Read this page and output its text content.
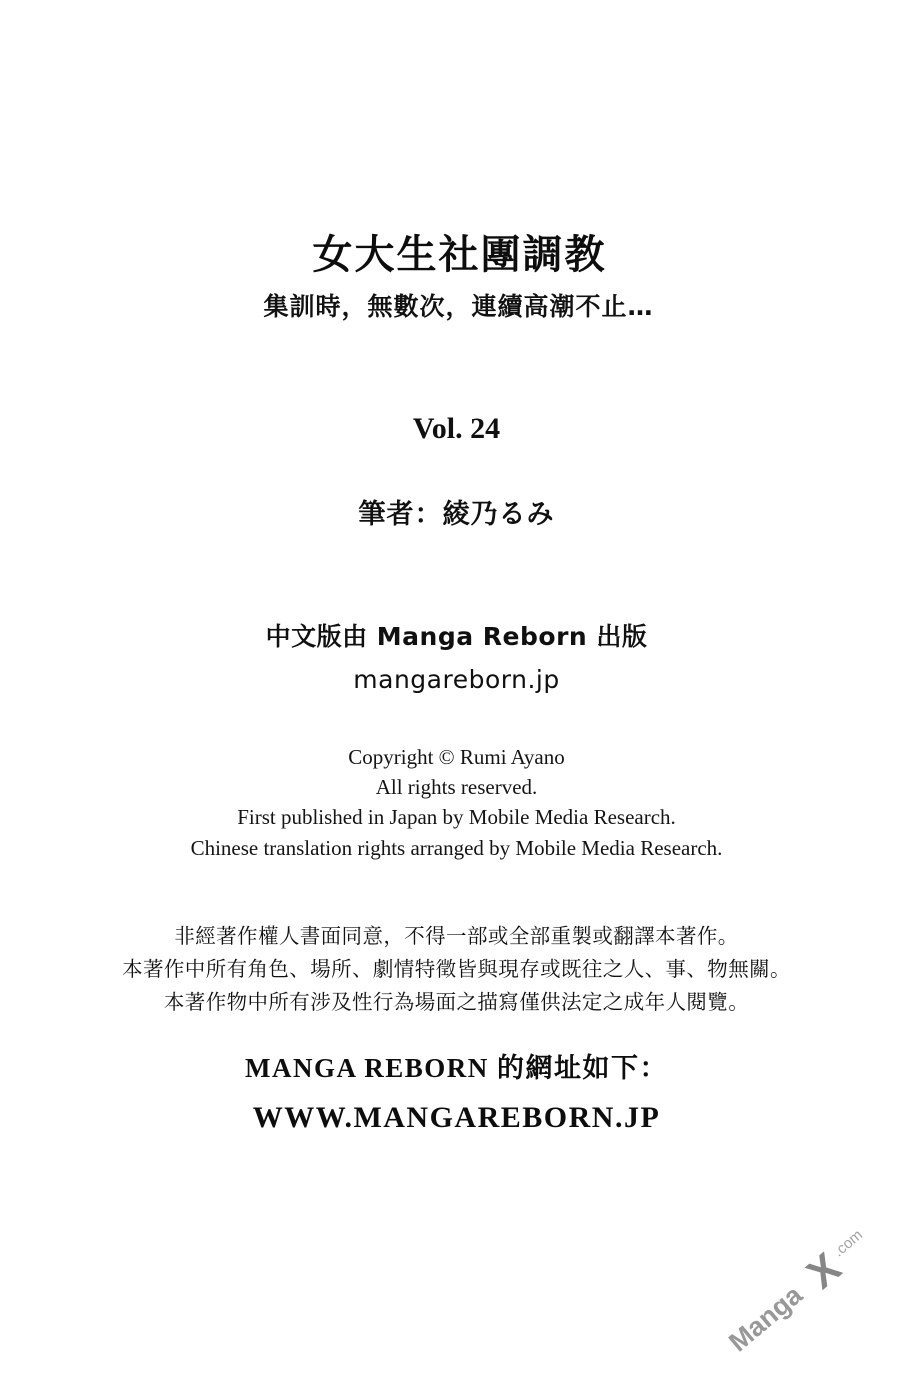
女大生社團調教
集訓時，無數次，連續高潮不止…
Vol. 24
筆者：綾乃るみ
中文版由 Manga Reborn 出版
mangareborn.jp
Copyright © Rumi Ayano
All rights reserved.
First published in Japan by Mobile Media Research.
Chinese translation rights arranged by Mobile Media Research.
非經著作權人書面同意，不得一部或全部重製或翻譯本著作。
本著作中所有角色、場所、劇情特徵皆與現存或既往之人、事、物無關。
本著作物中所有涉及性行為場面之描寫僅供法定之成年人閱覽。
MANGA REBORN 的網址如下：
WWW.MANGAREBORN.JP
Manga
X
.com
